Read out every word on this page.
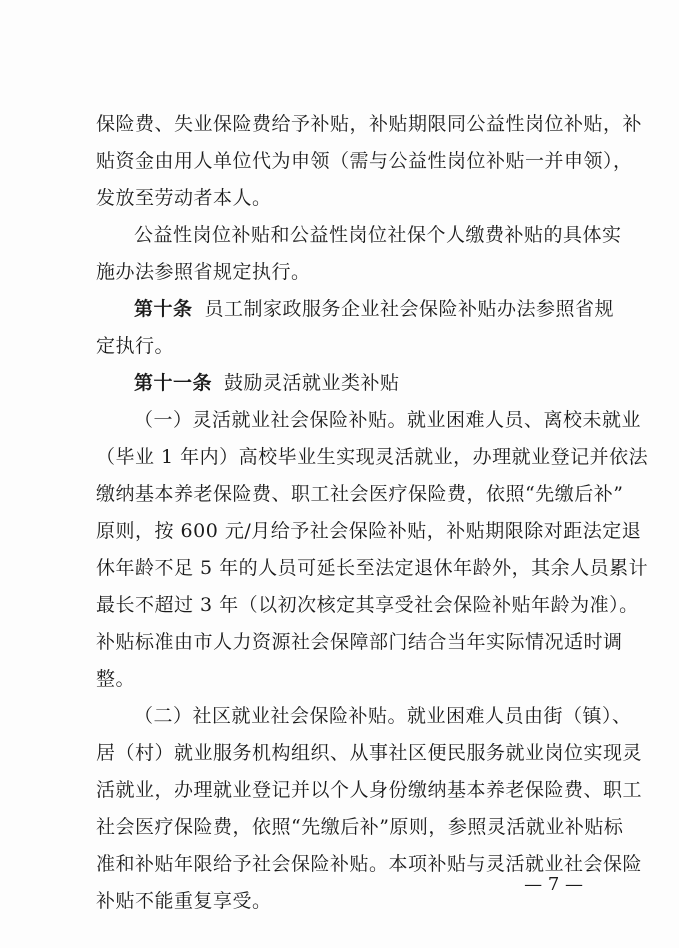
保险费、失业保险费给予补贴，补贴期限同公益性岗位补贴，补
贴资金由用人单位代为申领（需与公益性岗位补贴一并申领），
发放至劳动者本人。
公益性岗位补贴和公益性岗位社保个人缴费补贴的具体实
施办法参照省规定执行。
第十条 员工制家政服务企业社会保险补贴办法参照省规
定执行。
第十一条 鼓励灵活就业类补贴
（一）灵活就业社会保险补贴。就业困难人员、离校未就业
（毕业 1 年内）高校毕业生实现灵活就业，办理就业登记并依法
缴纳基本养老保险费、职工社会医疗保险费，依照“先缴后补”
原则，按 600 元/月给予社会保险补贴，补贴期限除对距法定退
休年龄不足 5 年的人员可延长至法定退休年龄外，其余人员累计
最长不超过 3 年（以初次核定其享受社会保险补贴年龄为准）。
补贴标准由市人力资源社会保障部门结合当年实际情况适时调
整。
（二）社区就业社会保险补贴。就业困难人员由街（镇）、
居（村）就业服务机构组织、从事社区便民服务就业岗位实现灵
活就业，办理就业登记并以个人身份缴纳基本养老保险费、职工
社会医疗保险费，依照“先缴后补”原则，参照灵活就业补贴标
准和补贴年限给予社会保险补贴。本项补贴与灵活就业社会保险
补贴不能重复享受。
— 7 —
